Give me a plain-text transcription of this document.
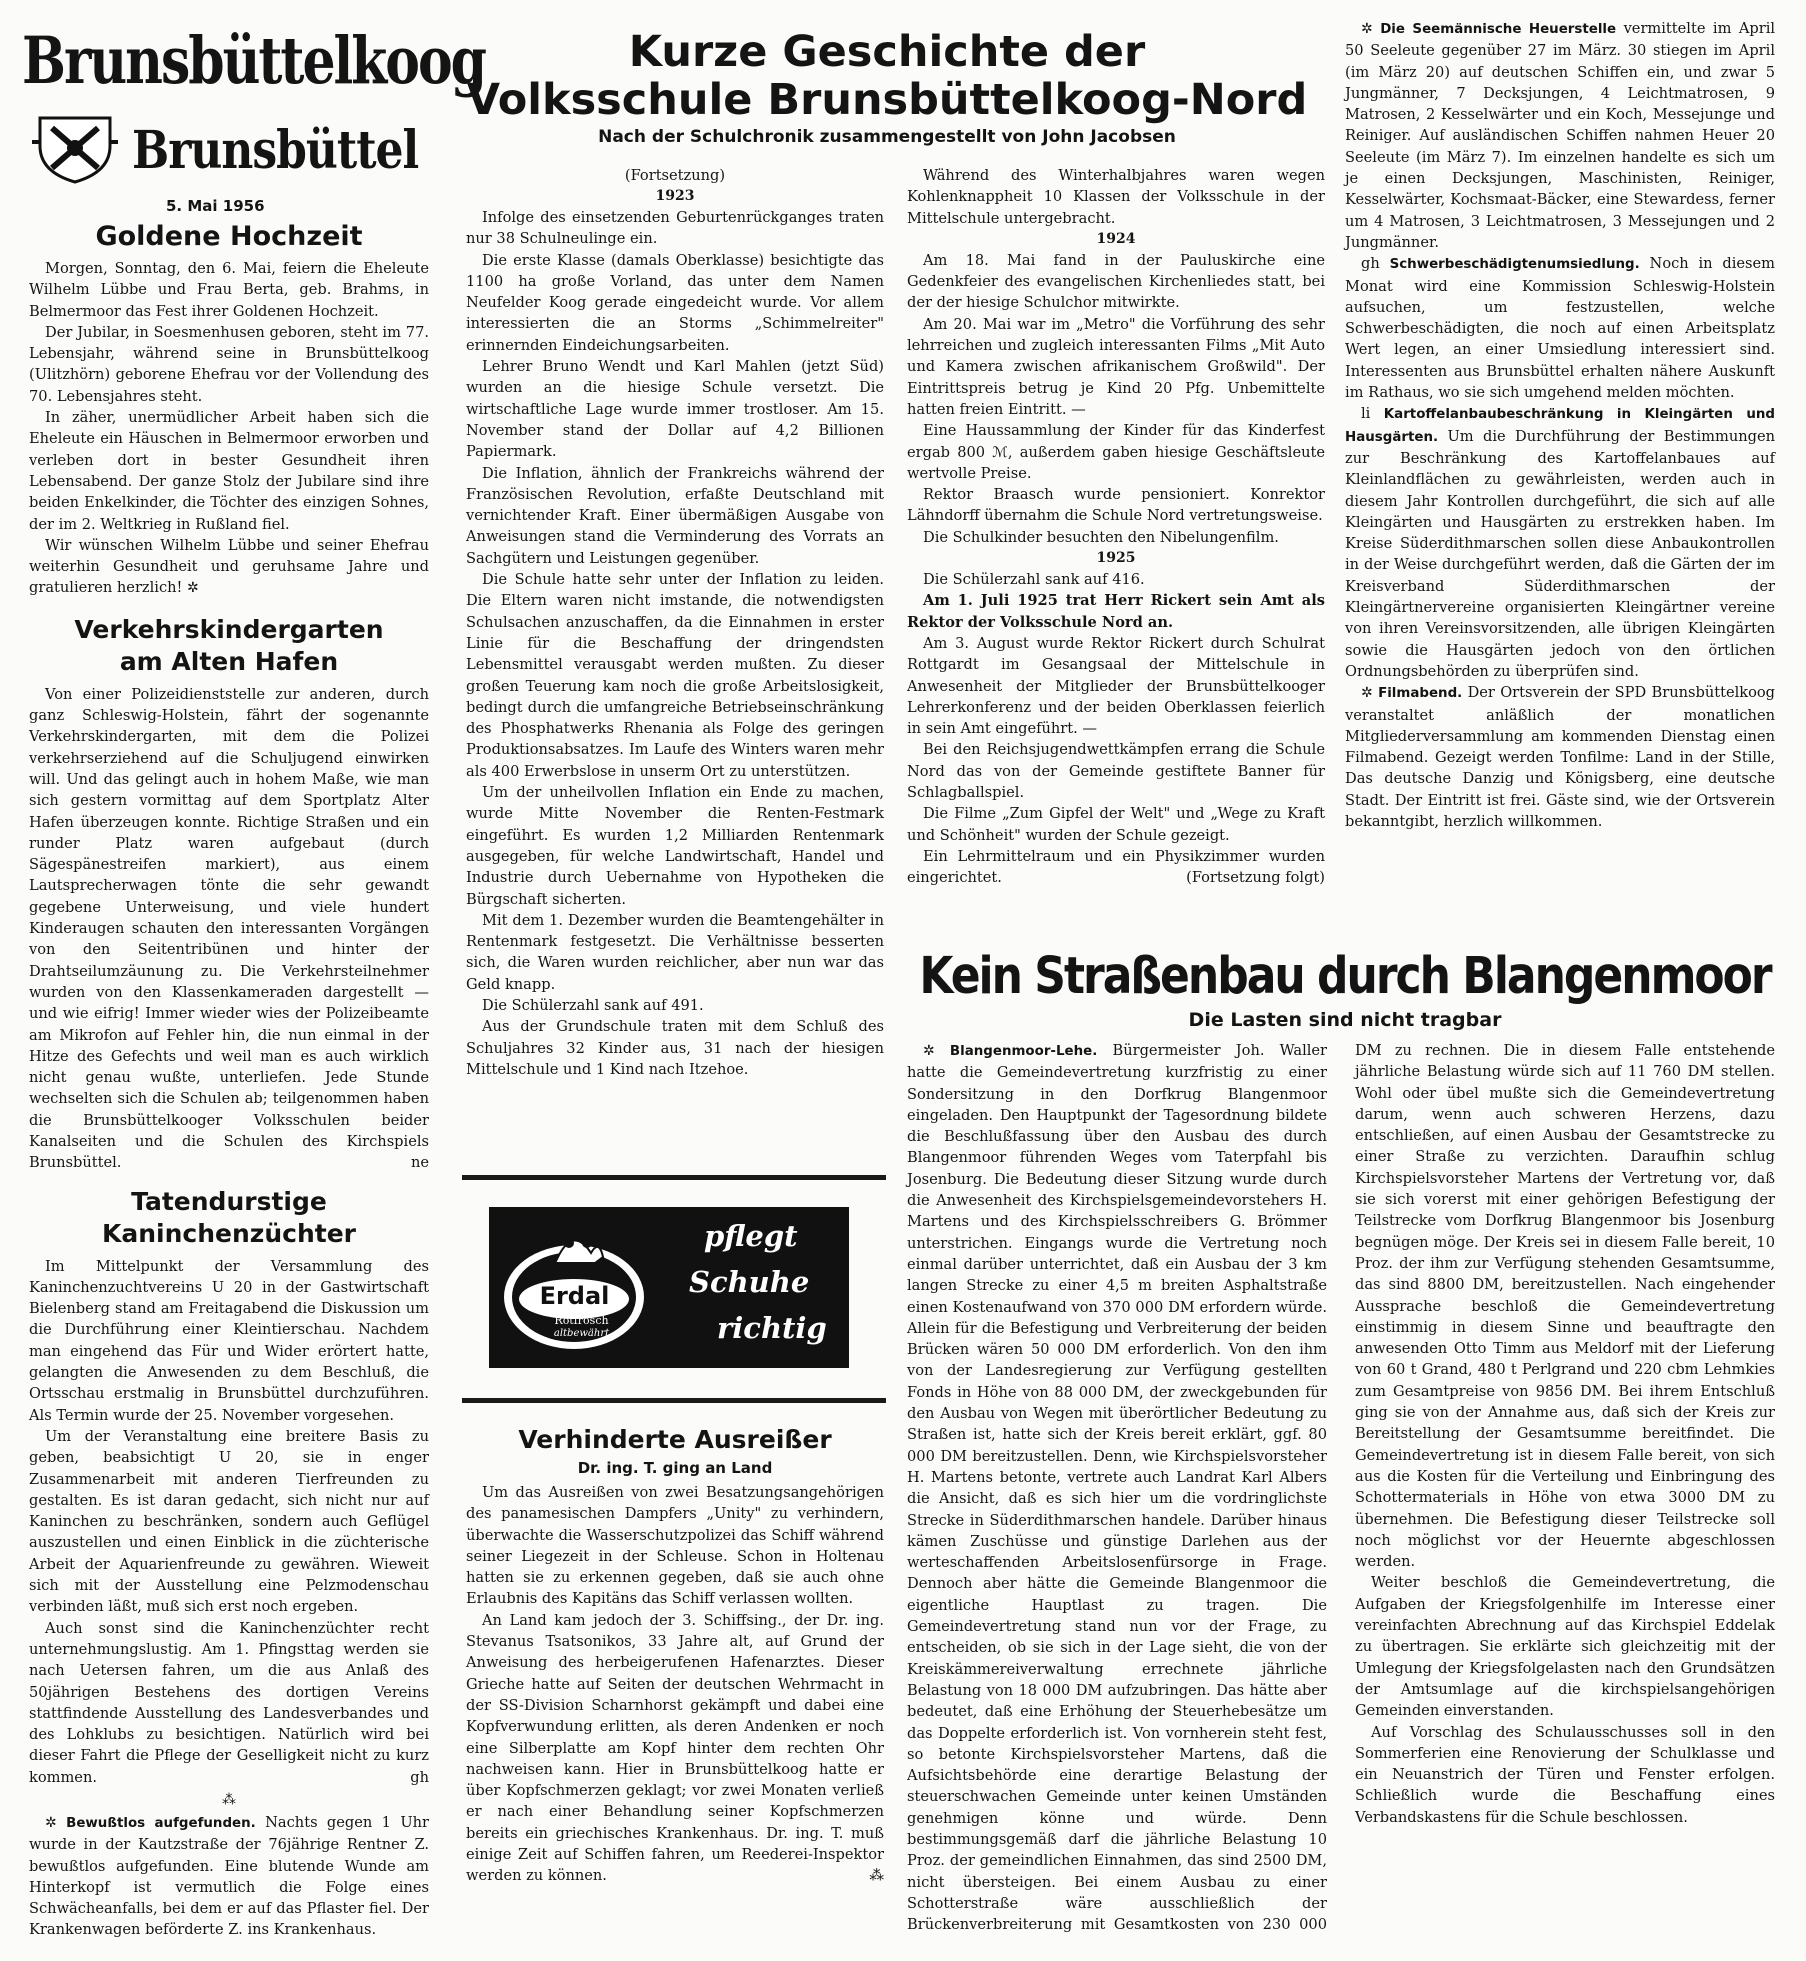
Brunsbüttelkoog
Brunsbüttel
5. Mai 1956
Goldene Hochzeit

Morgen, Sonntag, den 6. Mai, feiern die Eheleute Wilhelm Lübbe und Frau Berta, geb. Brahms, in Belmermoor das Fest ihrer Goldenen Hochzeit.

Der Jubilar, in Soesmenhusen geboren, steht im 77. Lebensjahr, während seine in Brunsbüttelkoog (Ulitzhörn) geborene Ehefrau vor der Vollendung des 70. Lebensjahres steht.

In zäher, unermüdlicher Arbeit haben sich die Eheleute ein Häuschen in Belmermoor erworben und verleben dort in bester Gesundheit ihren Lebensabend. Der ganze Stolz der Jubilare sind ihre beiden Enkelkinder, die Töchter des einzigen Sohnes, der im 2. Weltkrieg in Rußland fiel.

Wir wünschen Wilhelm Lübbe und seiner Ehefrau weiterhin Gesundheit und geruhsame Jahre und gratulieren herzlich! ✲

Verkehrskindergarten
am Alten Hafen

Von einer Polizeidienststelle zur anderen, durch ganz Schleswig-Holstein, fährt der sogenannte Verkehrskindergarten, mit dem die Polizei verkehrserziehend auf die Schuljugend einwirken will. Und das gelingt auch in hohem Maße, wie man sich gestern vormittag auf dem Sportplatz Alter Hafen überzeugen konnte. Richtige Straßen und ein runder Platz waren aufgebaut (durch Sägespänestreifen markiert), aus einem Lautsprecherwagen tönte die sehr gewandt gegebene Unterweisung, und viele hundert Kinderaugen schauten den interessanten Vorgängen von den Seitentribünen und hinter der Drahtseilumzäunung zu. Die Verkehrsteilnehmer wurden von den Klassenkameraden dargestellt — und wie eifrig! Immer wieder wies der Polizeibeamte am Mikrofon auf Fehler hin, die nun einmal in der Hitze des Gefechts und weil man es auch wirklich nicht genau wußte, unterliefen. Jede Stunde wechselten sich die Schulen ab; teilgenommen haben die Brunsbüttelkooger Volksschulen beider Kanalseiten und die Schulen des Kirchspiels Brunsbüttel.	ne

Tatendurstige
Kaninchenzüchter

Im Mittelpunkt der Versammlung des Kaninchenzuchtvereins U 20 in der Gastwirtschaft Bielenberg stand am Freitagabend die Diskussion um die Durchführung einer Kleintierschau. Nachdem man eingehend das Für und Wider erörtert hatte, gelangten die Anwesenden zu dem Beschluß, die Ortsschau erstmalig in Brunsbüttel durchzuführen. Als Termin wurde der 25. November vorgesehen.

Um der Veranstaltung eine breitere Basis zu geben, beabsichtigt U 20, sie in enger Zusammenarbeit mit anderen Tierfreunden zu gestalten. Es ist daran gedacht, sich nicht nur auf Kaninchen zu beschränken, sondern auch Geflügel auszustellen und einen Einblick in die züchterische Arbeit der Aquarienfreunde zu gewähren. Wieweit sich mit der Ausstellung eine Pelzmodenschau verbinden läßt, muß sich erst noch ergeben.

Auch sonst sind die Kaninchenzüchter recht unternehmungslustig. Am 1. Pfingsttag werden sie nach Uetersen fahren, um die aus Anlaß des 50jährigen Bestehens des dortigen Vereins stattfindende Ausstellung des Landesverbandes und des Lohklubs zu besichtigen. Natürlich wird bei dieser Fahrt die Pflege der Geselligkeit nicht zu kurz kommen.	gh

⁂

✲ Bewußtlos aufgefunden. Nachts gegen 1 Uhr wurde in der Kautzstraße der 76jährige Rentner Z. bewußtlos aufgefunden. Eine blutende Wunde am Hinterkopf ist vermutlich die Folge eines Schwächeanfalls, bei dem er auf das Pflaster fiel. Der Krankenwagen beförderte Z. ins Krankenhaus.

Kurze Geschichte der
Volksschule Brunsbüttelkoog-Nord
Nach der Schulchronik zusammengestellt von John Jacobsen
(Fortsetzung)
1923

Infolge des einsetzenden Geburtenrückganges traten nur 38 Schulneulinge ein.

Die erste Klasse (damals Oberklasse) besichtigte das 1100 ha große Vorland, das unter dem Namen Neufelder Koog gerade eingedeicht wurde. Vor allem interessierten die an Storms „Schimmelreiter" erinnernden Eindeichungsarbeiten.

Lehrer Bruno Wendt und Karl Mahlen (jetzt Süd) wurden an die hiesige Schule versetzt. Die wirtschaftliche Lage wurde immer trostloser. Am 15. November stand der Dollar auf 4,2 Billionen Papiermark.

Die Inflation, ähnlich der Frankreichs während der Französischen Revolution, erfaßte Deutschland mit vernichtender Kraft. Einer übermäßigen Ausgabe von Anweisungen stand die Verminderung des Vorrats an Sachgütern und Leistungen gegenüber.

Die Schule hatte sehr unter der Inflation zu leiden. Die Eltern waren nicht imstande, die notwendigsten Schulsachen anzuschaffen, da die Einnahmen in erster Linie für die Beschaffung der dringendsten Lebensmittel verausgabt werden mußten. Zu dieser großen Teuerung kam noch die große Arbeitslosigkeit, bedingt durch die umfangreiche Betriebseinschränkung des Phosphatwerks Rhenania als Folge des geringen Produktionsabsatzes. Im Laufe des Winters waren mehr als 400 Erwerbslose in unserm Ort zu unterstützen.

Um der unheilvollen Inflation ein Ende zu machen, wurde Mitte November die Renten-Festmark eingeführt. Es wurden 1,2 Milliarden Rentenmark ausgegeben, für welche Landwirtschaft, Handel und Industrie durch Uebernahme von Hypotheken die Bürgschaft sicherten.

Mit dem 1. Dezember wurden die Beamtengehälter in Rentenmark festgesetzt. Die Verhältnisse besserten sich, die Waren wurden reichlicher, aber nun war das Geld knapp.

Die Schülerzahl sank auf 491.

Aus der Grundschule traten mit dem Schluß des Schuljahres 32 Kinder aus, 31 nach der hiesigen Mittelschule und 1 Kind nach Itzehoe.

Erdal
Rotfrosch
altbewährt
pflegt
Schuhe
richtig
Verhinderte Ausreißer
Dr. ing. T. ging an Land

Um das Ausreißen von zwei Besatzungsangehörigen des panamesischen Dampfers „Unity" zu verhindern, überwachte die Wasserschutzpolizei das Schiff während seiner Liegezeit in der Schleuse. Schon in Holtenau hatten sie zu erkennen gegeben, daß sie auch ohne Erlaubnis des Kapitäns das Schiff verlassen wollten.

An Land kam jedoch der 3. Schiffsing., der Dr. ing. Stevanus Tsatsonikos, 33 Jahre alt, auf Grund der Anweisung des herbeigerufenen Hafenarztes. Dieser Grieche hatte auf Seiten der deutschen Wehrmacht in der SS-Division Scharnhorst gekämpft und dabei eine Kopfverwundung erlitten, als deren Andenken er noch eine Silberplatte am Kopf hinter dem rechten Ohr nachweisen kann. Hier in Brunsbüttelkoog hatte er über Kopfschmerzen geklagt; vor zwei Monaten verließ er nach einer Behandlung seiner Kopfschmerzen bereits ein griechisches Krankenhaus. Dr. ing. T. muß einige Zeit auf Schiffen fahren, um Reederei-Inspektor werden zu können.	⁂

Während des Winterhalbjahres waren wegen Kohlenknappheit 10 Klassen der Volksschule in der Mittelschule untergebracht.

1924

Am 18. Mai fand in der Pauluskirche eine Gedenkfeier des evangelischen Kirchenliedes statt, bei der der hiesige Schulchor mitwirkte.

Am 20. Mai war im „Metro" die Vorführung des sehr lehrreichen und zugleich interessanten Films „Mit Auto und Kamera zwischen afrikanischem Großwild". Der Eintrittspreis betrug je Kind 20 Pfg. Unbemittelte hatten freien Eintritt. —

Eine Haussammlung der Kinder für das Kinderfest ergab 800 ℳ, außerdem gaben hiesige Geschäftsleute wertvolle Preise.

Rektor Braasch wurde pensioniert. Konrektor Lähndorff übernahm die Schule Nord vertretungsweise.

Die Schulkinder besuchten den Nibelungenfilm.

1925

Die Schülerzahl sank auf 416.

Am 1. Juli 1925 trat Herr Rickert sein Amt als Rektor der Volksschule Nord an.

Am 3. August wurde Rektor Rickert durch Schulrat Rottgardt im Gesangsaal der Mittelschule in Anwesenheit der Mitglieder der Brunsbüttelkooger Lehrerkonferenz und der beiden Oberklassen feierlich in sein Amt eingeführt. —

Bei den Reichsjugendwettkämpfen errang die Schule Nord das von der Gemeinde gestiftete Banner für Schlagballspiel.

Die Filme „Zum Gipfel der Welt" und „Wege zu Kraft und Schönheit" wurden der Schule gezeigt.

Ein Lehrmittelraum und ein Physikzimmer wurden eingerichtet.	(Fortsetzung folgt)

✲ Die Seemännische Heuerstelle vermittelte im April 50 Seeleute gegenüber 27 im März. 30 stiegen im April (im März 20) auf deutschen Schiffen ein, und zwar 5 Jungmänner, 7 Decksjungen, 4 Leichtmatrosen, 9 Matrosen, 2 Kesselwärter und ein Koch, Messejunge und Reiniger. Auf ausländischen Schiffen nahmen Heuer 20 Seeleute (im März 7). Im einzelnen handelte es sich um je einen Decksjungen, Maschinisten, Reiniger, Kesselwärter, Kochsmaat-Bäcker, eine Stewardess, ferner um 4 Matrosen, 3 Leichtmatrosen, 3 Messejungen und 2 Jungmänner.

gh Schwerbeschädigtenumsiedlung. Noch in diesem Monat wird eine Kommission Schleswig-Holstein aufsuchen, um festzustellen, welche Schwerbeschädigten, die noch auf einen Arbeitsplatz Wert legen, an einer Umsiedlung interessiert sind. Interessenten aus Brunsbüttel erhalten nähere Auskunft im Rathaus, wo sie sich umgehend melden möchten.

li Kartoffelanbaubeschränkung in Kleingärten und Hausgärten. Um die Durchführung der Bestimmungen zur Beschränkung des Kartoffelanbaues auf Kleinlandflächen zu gewährleisten, werden auch in diesem Jahr Kontrollen durchgeführt, die sich auf alle Kleingärten und Hausgärten zu erstrekken haben. Im Kreise Süderdithmarschen sollen diese Anbaukontrollen in der Weise durchgeführt werden, daß die Gärten der im Kreisverband Süderdithmarschen der Kleingärtnervereine organisierten Kleingärtner vereine von ihren Vereinsvorsitzenden, alle übrigen Kleingärten sowie die Hausgärten jedoch von den örtlichen Ordnungsbehörden zu überprüfen sind.

✲ Filmabend. Der Ortsverein der SPD Brunsbüttelkoog veranstaltet anläßlich der monatlichen Mitgliederversammlung am kommenden Dienstag einen Filmabend. Gezeigt werden Tonfilme: Land in der Stille, Das deutsche Danzig und Königsberg, eine deutsche Stadt. Der Eintritt ist frei. Gäste sind, wie der Ortsverein bekanntgibt, herzlich willkommen.

Kein Straßenbau durch Blangenmoor
Die Lasten sind nicht tragbar

✲ Blangenmoor-Lehe. Bürgermeister Joh. Waller hatte die Gemeindevertretung kurzfristig zu einer Sondersitzung in den Dorfkrug Blangenmoor eingeladen. Den Hauptpunkt der Tagesordnung bildete die Beschlußfassung über den Ausbau des durch Blangenmoor führenden Weges vom Taterpfahl bis Josenburg. Die Bedeutung dieser Sitzung wurde durch die Anwesenheit des Kirchspielsgemeindevorstehers H. Martens und des Kirchspielsschreibers G. Brömmer unterstrichen. Eingangs wurde die Vertretung noch einmal darüber unterrichtet, daß ein Ausbau der 3 km langen Strecke zu einer 4,5 m breiten Asphaltstraße einen Kostenaufwand von 370 000 DM erfordern würde. Allein für die Befestigung und Verbreiterung der beiden Brücken wären 50 000 DM erforderlich. Von den ihm von der Landesregierung zur Verfügung gestellten Fonds in Höhe von 88 000 DM, der zweckgebunden für den Ausbau von Wegen mit überörtlicher Bedeutung zu Straßen ist, hatte sich der Kreis bereit erklärt, ggf. 80 000 DM bereitzustellen. Denn, wie Kirchspielsvorsteher H. Martens betonte, vertrete auch Landrat Karl Albers die Ansicht, daß es sich hier um die vordringlichste Strecke in Süderdithmarschen handele. Darüber hinaus kämen Zuschüsse und günstige Darlehen aus der werteschaffenden Arbeitslosenfürsorge in Frage. Dennoch aber hätte die Gemeinde Blangenmoor die eigentliche Hauptlast zu tragen. Die Gemeindevertretung stand nun vor der Frage, zu entscheiden, ob sie sich in der Lage sieht, die von der Kreiskämmereiverwaltung errechnete jährliche Belastung von 18 000 DM aufzubringen. Das hätte aber bedeutet, daß eine Erhöhung der Steuerhebesätze um das Doppelte erforderlich ist. Von vornherein steht fest, so betonte Kirchspielsvorsteher Martens, daß die Aufsichtsbehörde eine derartige Belastung der steuerschwachen Gemeinde unter keinen Umständen genehmigen könne und würde. Denn bestimmungsgemäß darf die jährliche Belastung 10 Proz. der gemeindlichen Einnahmen, das sind 2500 DM, nicht übersteigen. Bei einem Ausbau zu einer Schotterstraße wäre ausschließlich der Brückenverbreiterung mit Gesamtkosten von 230 000 DM zu rechnen. Die in diesem Falle entstehende jährliche Belastung würde sich auf 11 760 DM stellen. Wohl oder übel mußte sich die Gemeindevertretung darum, wenn auch schweren Herzens, dazu entschließen, auf einen Ausbau der Gesamtstrecke zu einer Straße zu verzichten. Daraufhin schlug Kirchspielsvorsteher Martens der Vertretung vor, daß sie sich vorerst mit einer gehörigen Befestigung der Teilstrecke vom Dorfkrug Blangenmoor bis Josenburg begnügen möge. Der Kreis sei in diesem Falle bereit, 10 Proz. der ihm zur Verfügung stehenden Gesamtsumme, das sind 8800 DM, bereitzustellen. Nach eingehender Aussprache beschloß die Gemeindevertretung einstimmig in diesem Sinne und beauftragte den anwesenden Otto Timm aus Meldorf mit der Lieferung von 60 t Grand, 480 t Perlgrand und 220 cbm Lehmkies zum Gesamtpreise von 9856 DM. Bei ihrem Entschluß ging sie von der Annahme aus, daß sich der Kreis zur Bereitstellung der Gesamtsumme bereitfindet. Die Gemeindevertretung ist in diesem Falle bereit, von sich aus die Kosten für die Verteilung und Einbringung des Schottermaterials in Höhe von etwa 3000 DM zu übernehmen. Die Befestigung dieser Teilstrecke soll noch möglichst vor der Heuernte abgeschlossen werden.

Weiter beschloß die Gemeindevertretung, die Aufgaben der Kriegsfolgenhilfe im Interesse einer vereinfachten Abrechnung auf das Kirchspiel Eddelak zu übertragen. Sie erklärte sich gleichzeitig mit der Umlegung der Kriegsfolgelasten nach den Grundsätzen der Amtsumlage auf die kirchspielsangehörigen Gemeinden einverstanden.

Auf Vorschlag des Schulausschusses soll in den Sommerferien eine Renovierung der Schulklasse und ein Neuanstrich der Türen und Fenster erfolgen. Schließlich wurde die Beschaffung eines Verbandskastens für die Schule beschlossen.
